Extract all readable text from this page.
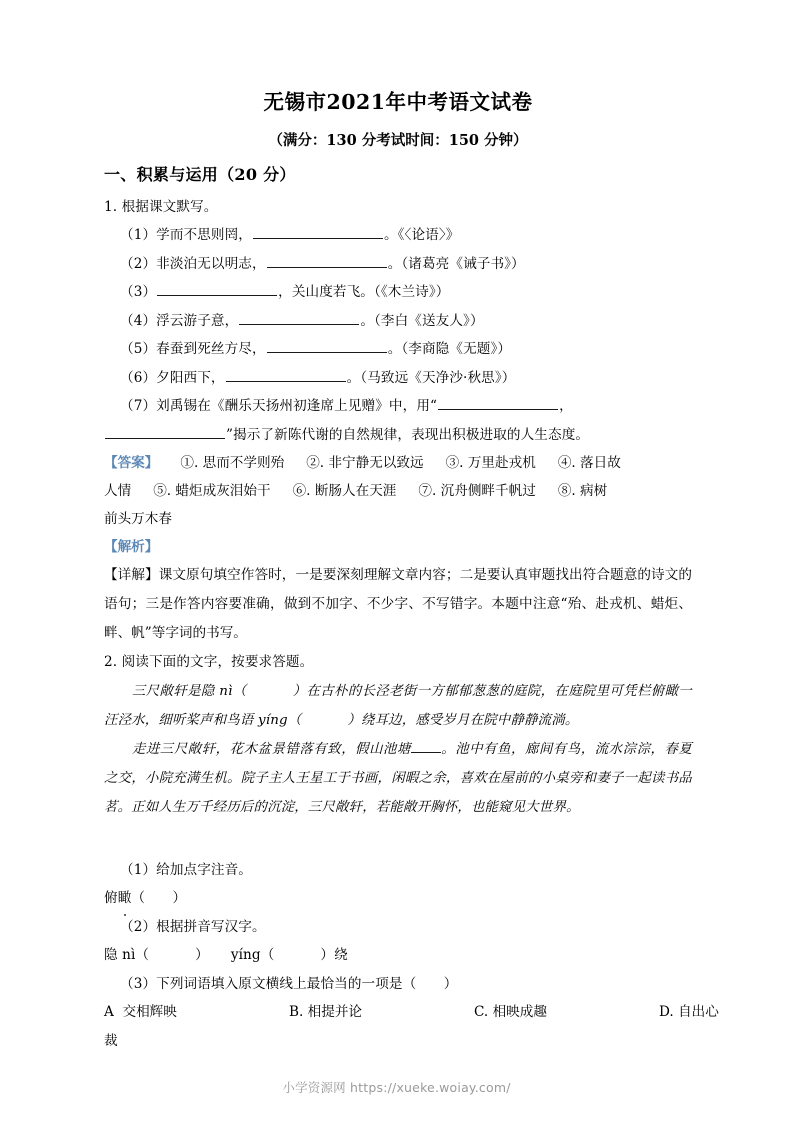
无锡市2021年中考语文试卷
（满分：130 分考试时间：150 分钟）
一、积累与运用（20 分）
1. 根据课文默写。
（1）学而不思则罔，	。《〈论语〉》
（2）非淡泊无以明志，	。（诸葛亮《诫子书》）
（3）	，关山度若飞。（《木兰诗》）
（4）浮云游子意，	。（李白《送友人》）
（5）春蚕到死丝方尽，	。（李商隐《无题》）
（6）夕阳西下，	。（马致远《天净沙·秋思》）
（7）刘禹锡在《酬乐天扬州初逢席上见赠》中，用“	，
”揭示了新陈代谢的自然规律，表现出积极进取的人生态度。
【答案】 ①. 思而不学则殆 ②. 非宁静无以致远 ③. 万里赴戎机 ④. 落日故
人情 ⑤. 蜡炬成灰泪始干 ⑥. 断肠人在天涯 ⑦. 沉舟侧畔千帆过 ⑧. 病树
前头万木春
【解析】
【详解】课文原句填空作答时，一是要深刻理解文章内容；二是要认真审题找出符合题意的诗文的语句；三是作答内容要准确，做到不加字、不少字、不写错字。本题中注意“殆、赴戎机、蜡炬、畔、帆”等字词的书写。
2. 阅读下面的文字，按要求答题。

三尺敞轩是隐 nì（	）在古朴的长泾老街一方郁郁葱葱的庭院，在庭院里可凭栏俯瞰一汪泾水，细听桨声和鸟语 yíng（	）绕耳边，感受岁月在院中静静流淌。

走进三尺敞轩，花木盆景错落有致，假山池塘 。池中有鱼，廊间有鸟，流水淙淙，春夏之交，小院充满生机。院子主人王星工于书画，闲暇之余，喜欢在屋前的小桌旁和妻子一起读书品茗。正如人生万千经历后的沉淀，三尺敞轩，若能敞开胸怀，也能窥见大世界。

（1）给加点字注音。
俯瞰（　　）
（2）根据拼音写汉字。
隐 nì（	） yíng（	）绕
（3）下列词语填入原文横线上最恰当的一项是（　　）
A 交相辉映	B. 相提并论	C. 相映成趣	D. 自出心
裁
小学资源网 https://xueke.woiay.com/
